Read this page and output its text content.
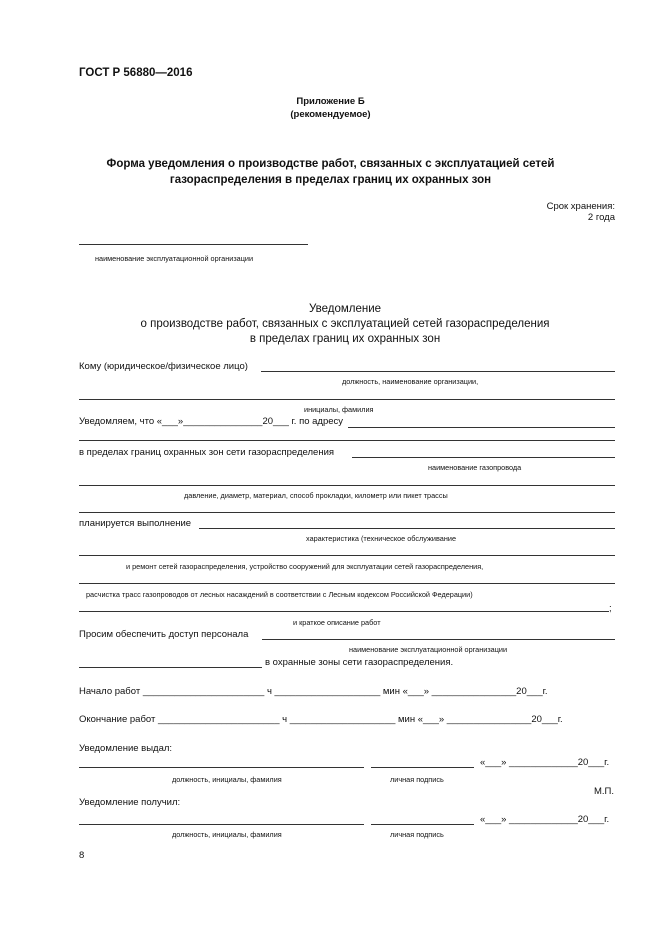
ГОСТ Р 56880—2016
Приложение Б
(рекомендуемое)
Форма уведомления о производстве работ, связанных с эксплуатацией сетей
газораспределения в пределах границ их охранных зон
Срок хранения:
2 года
наименование эксплуатационной организации
Уведомление
о производстве работ, связанных с эксплуатацией сетей газораспределения
в пределах границ их охранных зон
Кому (юридическое/физическое лицо)
должность, наименование организации,
инициалы, фамилия
Уведомляем, что «___»_______________20___ г. по адресу
в пределах границ охранных зон сети газораспределения
наименование газопровода
давление, диаметр, материал, способ прокладки, километр или пикет трассы
планируется выполнение
характеристика (техническое обслуживание
и ремонт сетей газораспределения, устройство сооружений для эксплуатации сетей газораспределения,
расчистка трасс газопроводов от лесных насаждений в соответствии с Лесным кодексом Российской Федерации)
;
и краткое описание работ
Просим обеспечить доступ персонала
наименование эксплуатационной организации
в охранные зоны сети газораспределения.
Начало работ _______________________ ч ____________________ мин «___» ________________20___г.
Окончание работ _______________________ ч ____________________ мин «___» ________________20___г.
Уведомление выдал:
«___» _____________20___г.
должность, инициалы, фамилия	личная подпись
М.П.
Уведомление получил:
«___» _____________20___г.
должность, инициалы, фамилия	личная подпись
8
